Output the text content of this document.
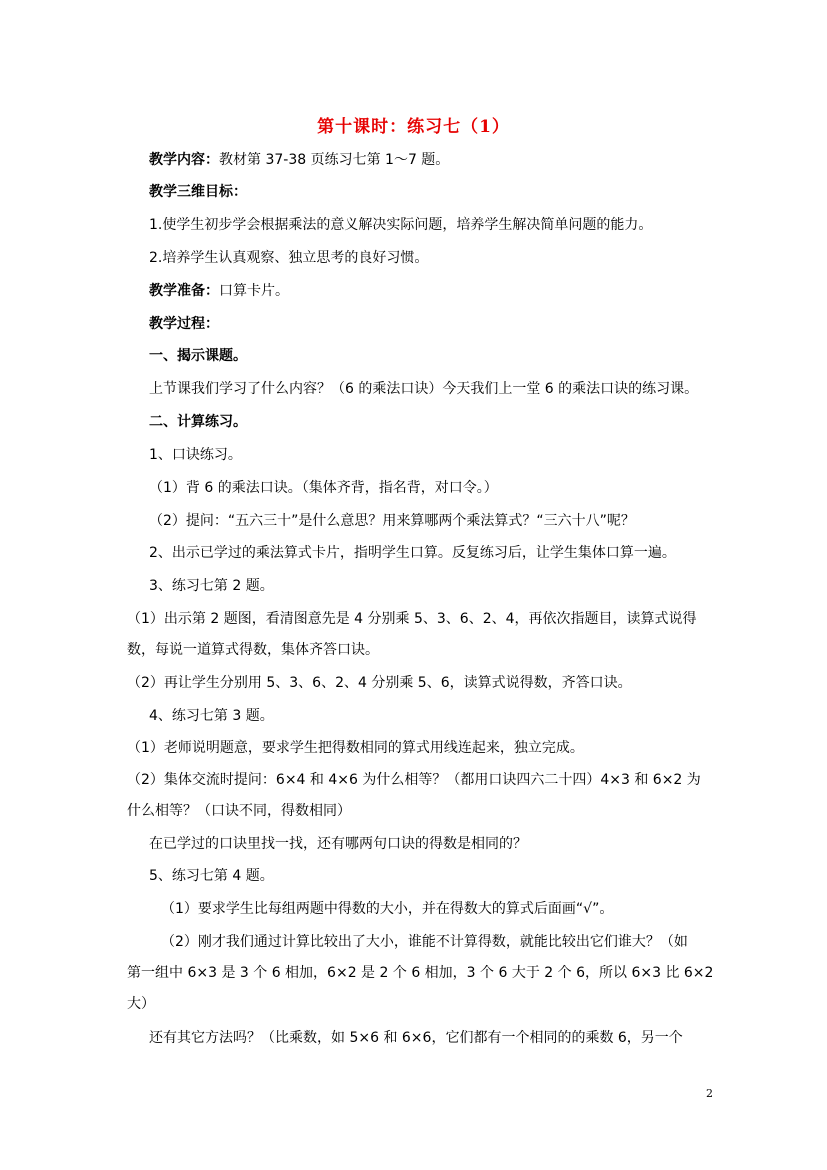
第十课时：练习七（1）
教学内容：教材第 37-38 页练习七第 1～7 题。
教学三维目标：
1.使学生初步学会根据乘法的意义解决实际问题，培养学生解决简单问题的能力。
2.培养学生认真观察、独立思考的良好习惯。
教学准备：口算卡片。
教学过程：
一、揭示课题。
上节课我们学习了什么内容？（6 的乘法口诀）今天我们上一堂 6 的乘法口诀的练习课。
二、计算练习。
1、口诀练习。
（1）背 6 的乘法口诀。（集体齐背，指名背，对口令。）
（2）提问：“五六三十”是什么意思？用来算哪两个乘法算式？“三六十八”呢？
2、出示已学过的乘法算式卡片，指明学生口算。反复练习后，让学生集体口算一遍。
3、练习七第 2 题。
（1）出示第 2 题图，看清图意先是 4 分别乘 5、3、6、2、4，再依次指题目，读算式说得
数，每说一道算式得数，集体齐答口诀。
（2）再让学生分别用 5、3、6、2、4 分别乘 5、6，读算式说得数，齐答口诀。
4、练习七第 3 题。
（1）老师说明题意，要求学生把得数相同的算式用线连起来，独立完成。
（2）集体交流时提问：6×4 和 4×6 为什么相等？（都用口诀四六二十四）4×3 和 6×2 为
什么相等？（口诀不同，得数相同）
在已学过的口诀里找一找，还有哪两句口诀的得数是相同的？
5、练习七第 4 题。
（1）要求学生比每组两题中得数的大小，并在得数大的算式后面画“√”。
（2）刚才我们通过计算比较出了大小，谁能不计算得数，就能比较出它们谁大？（如
第一组中 6×3 是 3 个 6 相加，6×2 是 2 个 6 相加，3 个 6 大于 2 个 6，所以 6×3 比 6×2
大）
还有其它方法吗？（比乘数，如 5×6 和 6×6，它们都有一个相同的的乘数 6，另一个
2
